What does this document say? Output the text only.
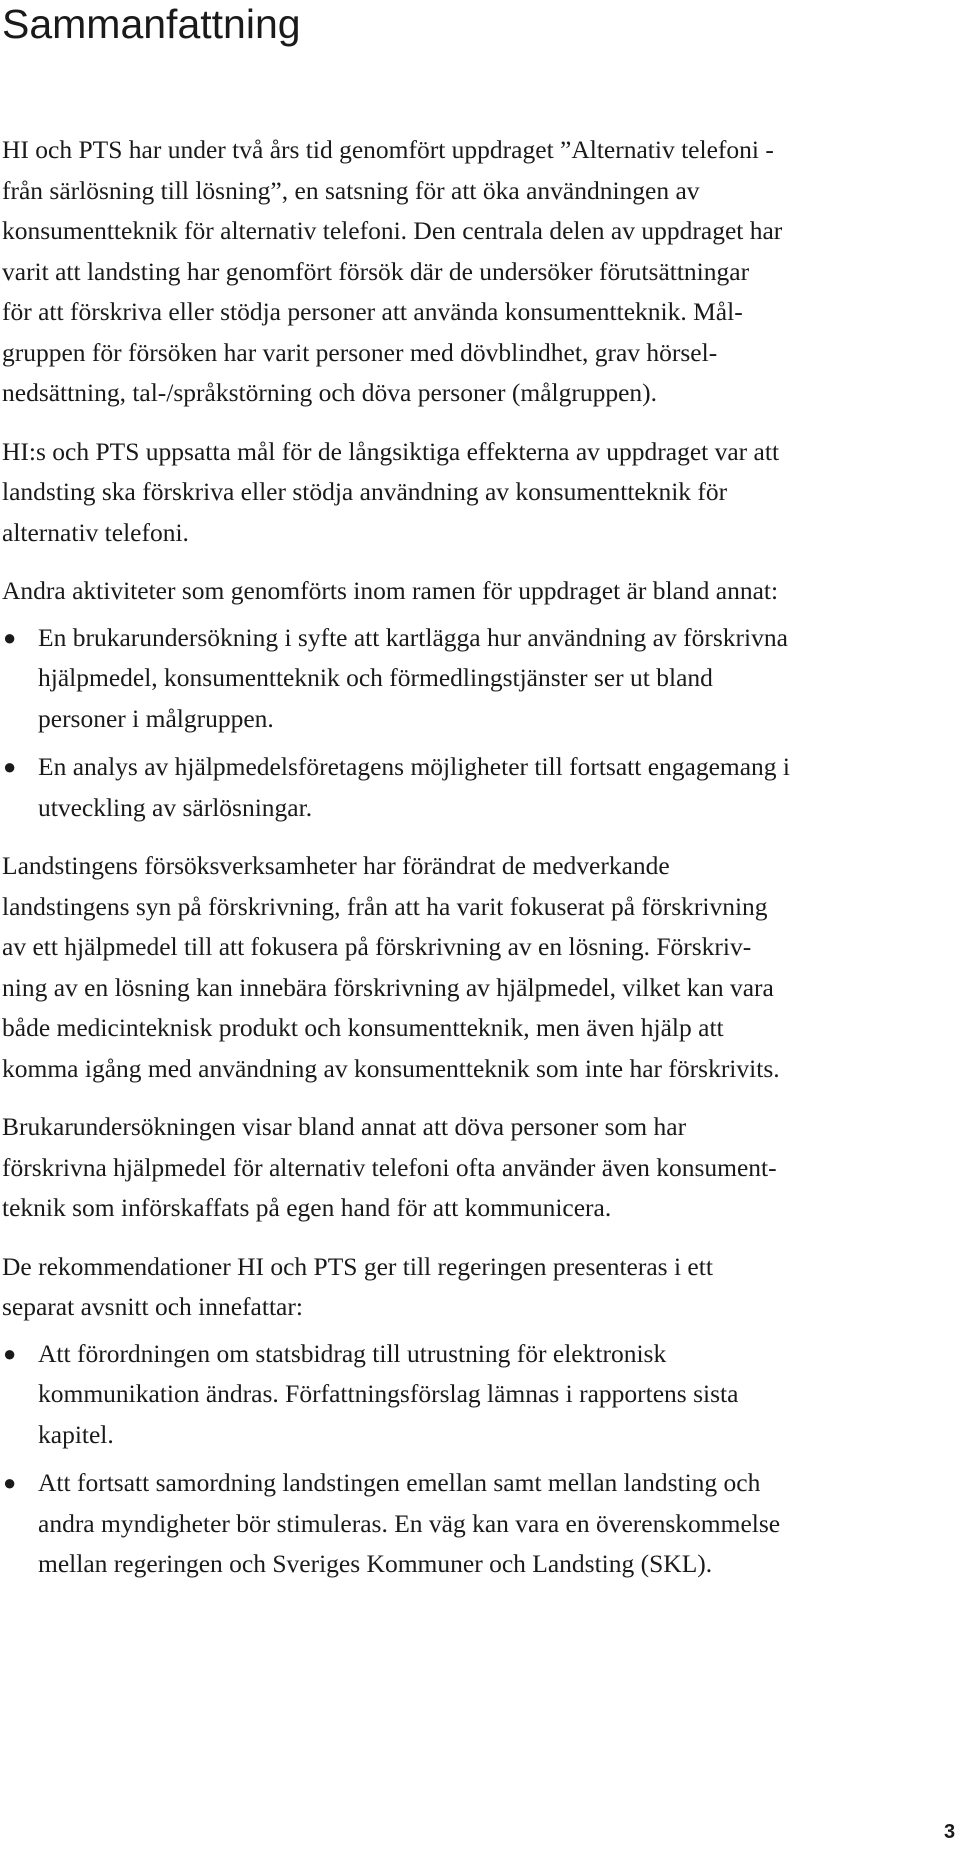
Sammanfattning

HI och PTS har under två års tid genomfört uppdraget ”Alternativ telefoni -
från särlösning till lösning”, en satsning för att öka användningen av
konsumentteknik för alternativ telefoni. Den centrala delen av uppdraget har
varit att landsting har genomfört försök där de undersöker förutsättningar
för att förskriva eller stödja personer att använda konsumentteknik. Mål-
gruppen för försöken har varit personer med dövblindhet, grav hörsel-
nedsättning, tal-/språkstörning och döva personer (målgruppen).

HI:s och PTS uppsatta mål för de långsiktiga effekterna av uppdraget var att
landsting ska förskriva eller stödja användning av konsumentteknik för
alternativ telefoni.

Andra aktiviteter som genomförts inom ramen för uppdraget är bland annat:

● En brukarundersökning i syfte att kartlägga hur användning av förskrivna
hjälpmedel, konsumentteknik och förmedlingstjänster ser ut bland
personer i målgruppen.
● En analys av hjälpmedelsföretagens möjligheter till fortsatt engagemang i
utveckling av särlösningar.

Landstingens försöksverksamheter har förändrat de medverkande
landstingens syn på förskrivning, från att ha varit fokuserat på förskrivning
av ett hjälpmedel till att fokusera på förskrivning av en lösning. Förskriv-
ning av en lösning kan innebära förskrivning av hjälpmedel, vilket kan vara
både medicinteknisk produkt och konsumentteknik, men även hjälp att
komma igång med användning av konsumentteknik som inte har förskrivits.

Brukarundersökningen visar bland annat att döva personer som har
förskrivna hjälpmedel för alternativ telefoni ofta använder även konsument-
teknik som införskaffats på egen hand för att kommunicera.

De rekommendationer HI och PTS ger till regeringen presenteras i ett
separat avsnitt och innefattar:

● Att förordningen om statsbidrag till utrustning för elektronisk
kommunikation ändras. Författningsförslag lämnas i rapportens sista
kapitel.
● Att fortsatt samordning landstingen emellan samt mellan landsting och
andra myndigheter bör stimuleras. En väg kan vara en överenskommelse
mellan regeringen och Sveriges Kommuner och Landsting (SKL).
3
